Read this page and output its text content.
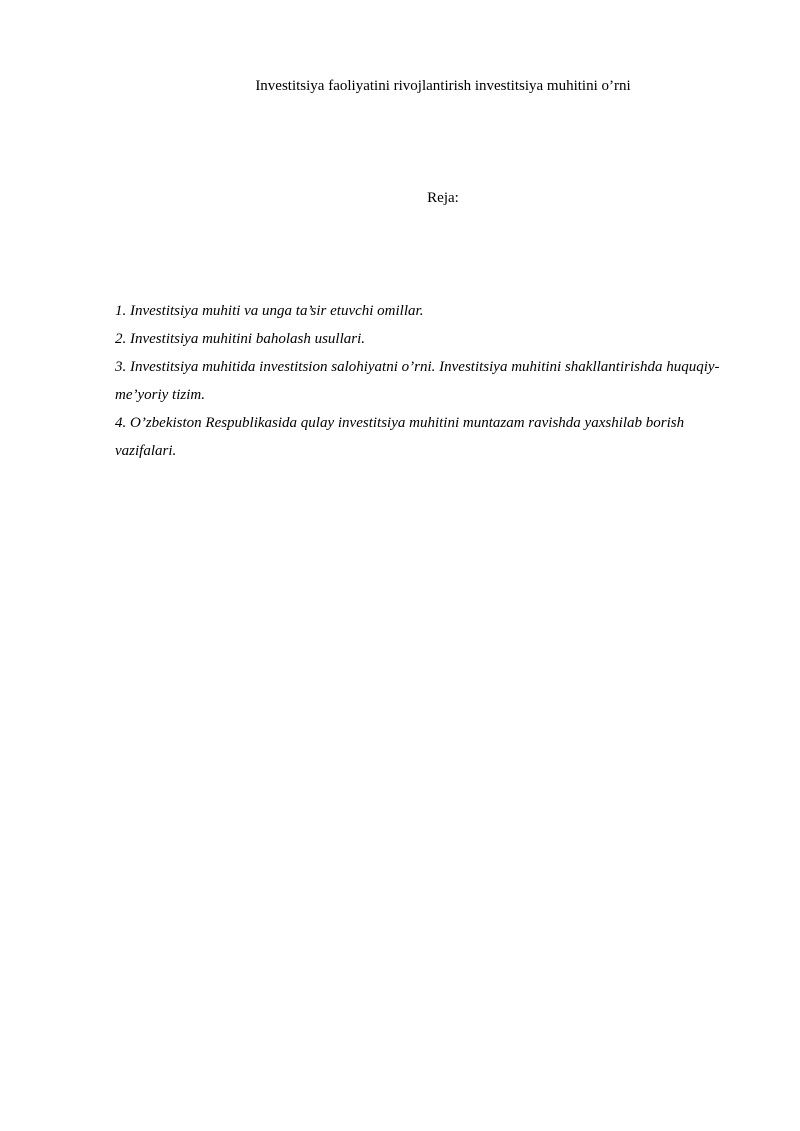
Investitsiya faoliyatini rivojlantirish investitsiya muhitini o’rni
Reja:
1. Investitsiya muhiti va unga ta’sir etuvchi omillar.
2. Investitsiya muhitini baholash usullari.
3. Investitsiya muhitida investitsion salohiyatni o’rni. Investitsiya muhitini shakllantirishda huquqiy-me’yoriy tizim.
4. O’zbekiston Respublikasida qulay investitsiya muhitini muntazam ravishda yaxshilab borish vazifalari.
